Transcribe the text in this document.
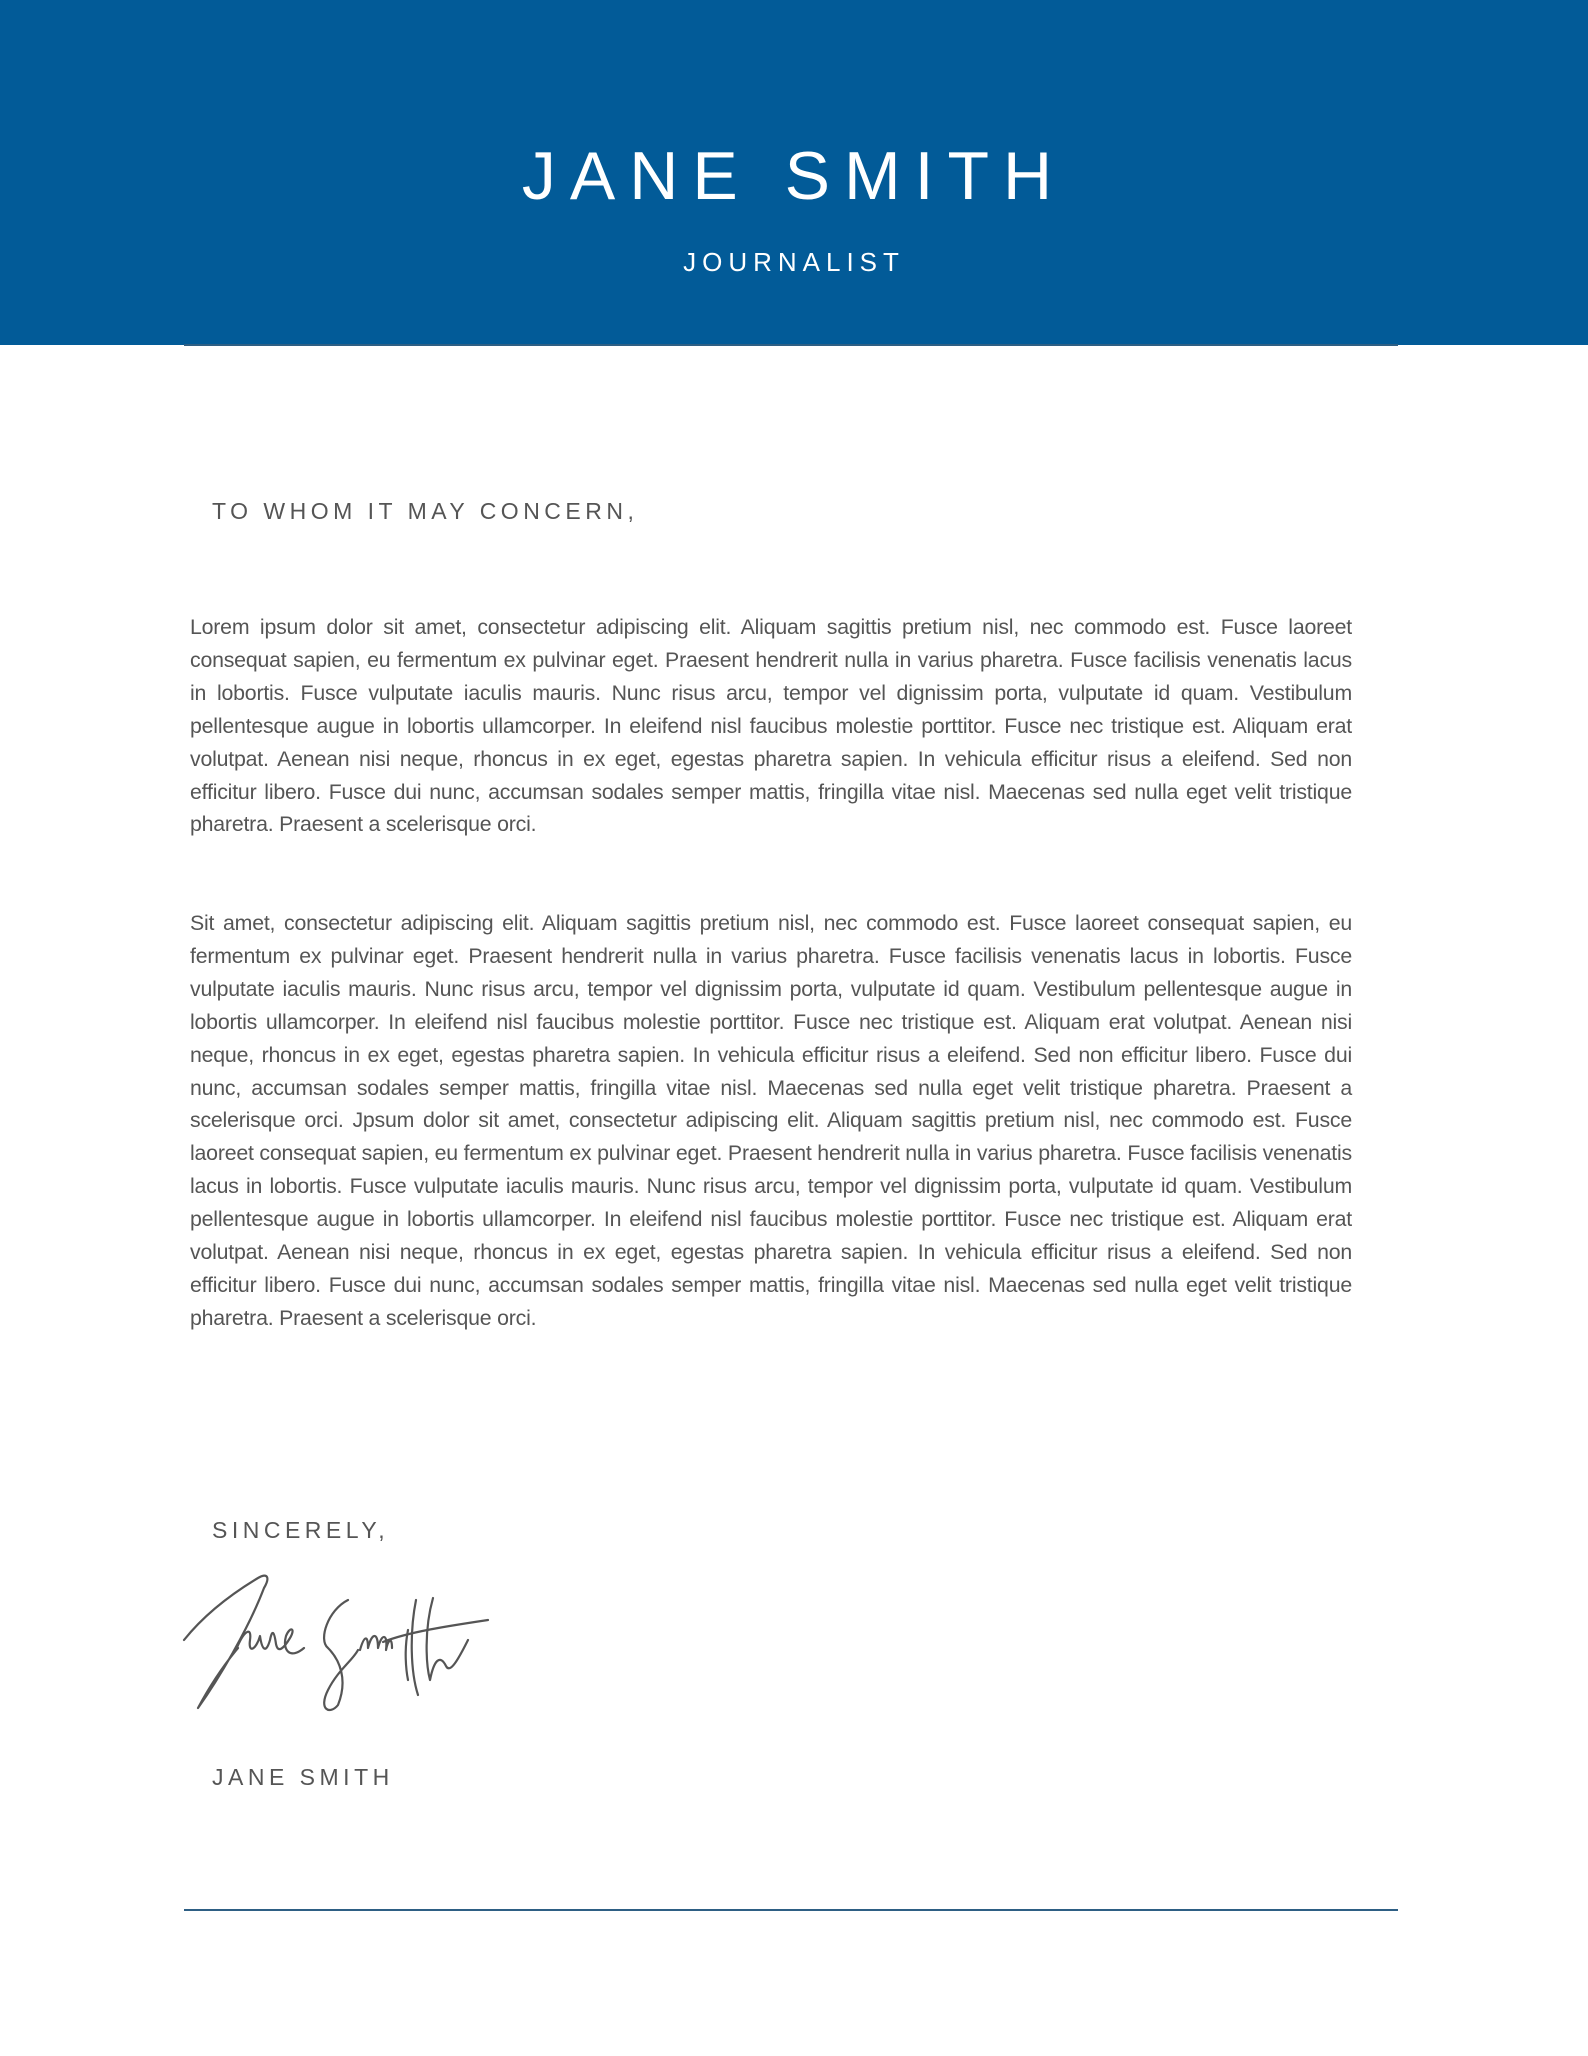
JANE SMITH
JOURNALIST
TO WHOM IT MAY CONCERN,

Lorem ipsum dolor sit amet, consectetur adipiscing elit. Aliquam sagittis pretium nisl, nec commodo est. Fusce laoreet consequat sapien, eu fermentum ex pulvinar eget. Praesent hendrerit nulla in varius pharetra. Fusce facilisis venenatis lacus in lobortis. Fusce vulputate iaculis mauris. Nunc risus arcu, tempor vel dignissim porta, vulputate id quam. Vestibulum pellentesque augue in lobortis ullamcorper. In eleifend nisl faucibus molestie porttitor. Fusce nec tristique est. Aliquam erat volutpat. Aenean nisi neque, rhoncus in ex eget, egestas pharetra sapien. In vehicula efficitur risus a eleifend. Sed non efficitur libero. Fusce dui nunc, accumsan sodales semper mattis, fringilla vitae nisl. Maecenas sed nulla eget velit tristique pharetra. Praesent a scelerisque orci.

Sit amet, consectetur adipiscing elit. Aliquam sagittis pretium nisl, nec commodo est. Fusce laoreet consequat sapien, eu fermentum ex pulvinar eget. Praesent hendrerit nulla in varius pharetra. Fusce facilisis venenatis lacus in lobortis. Fusce vulputate iaculis mauris. Nunc risus arcu, tempor vel dignissim porta, vulputate id quam. Vestibulum pellentesque augue in lobortis ullamcorper. In eleifend nisl faucibus molestie porttitor. Fusce nec tristique est. Aliquam erat volutpat. Aenean nisi neque, rhoncus in ex eget, egestas pharetra sapien. In vehicula efficitur risus a eleifend. Sed non efficitur libero. Fusce dui nunc, accumsan sodales semper mattis, fringilla vitae nisl. Maecenas sed nulla eget velit tristique pharetra. Praesent a scelerisque orci. Jpsum dolor sit amet, consectetur adipiscing elit. Aliquam sagittis pretium nisl, nec commodo est. Fusce laoreet consequat sapien, eu fermentum ex pulvinar eget. Praesent hendrerit nulla in varius pharetra. Fusce facilisis venenatis lacus in lobortis. Fusce vulputate iaculis mauris. Nunc risus arcu, tempor vel dignissim porta, vulputate id quam. Vestibulum pellentesque augue in lobortis ullamcorper. In eleifend nisl faucibus molestie porttitor. Fusce nec tristique est. Aliquam erat volutpat. Aenean nisi neque, rhoncus in ex eget, egestas pharetra sapien. In vehicula efficitur risus a eleifend. Sed non efficitur libero. Fusce dui nunc, accumsan sodales semper mattis, fringilla vitae nisl. Maecenas sed nulla eget velit tristique pharetra. Praesent a scelerisque orci.

SINCERELY,
JANE SMITH
